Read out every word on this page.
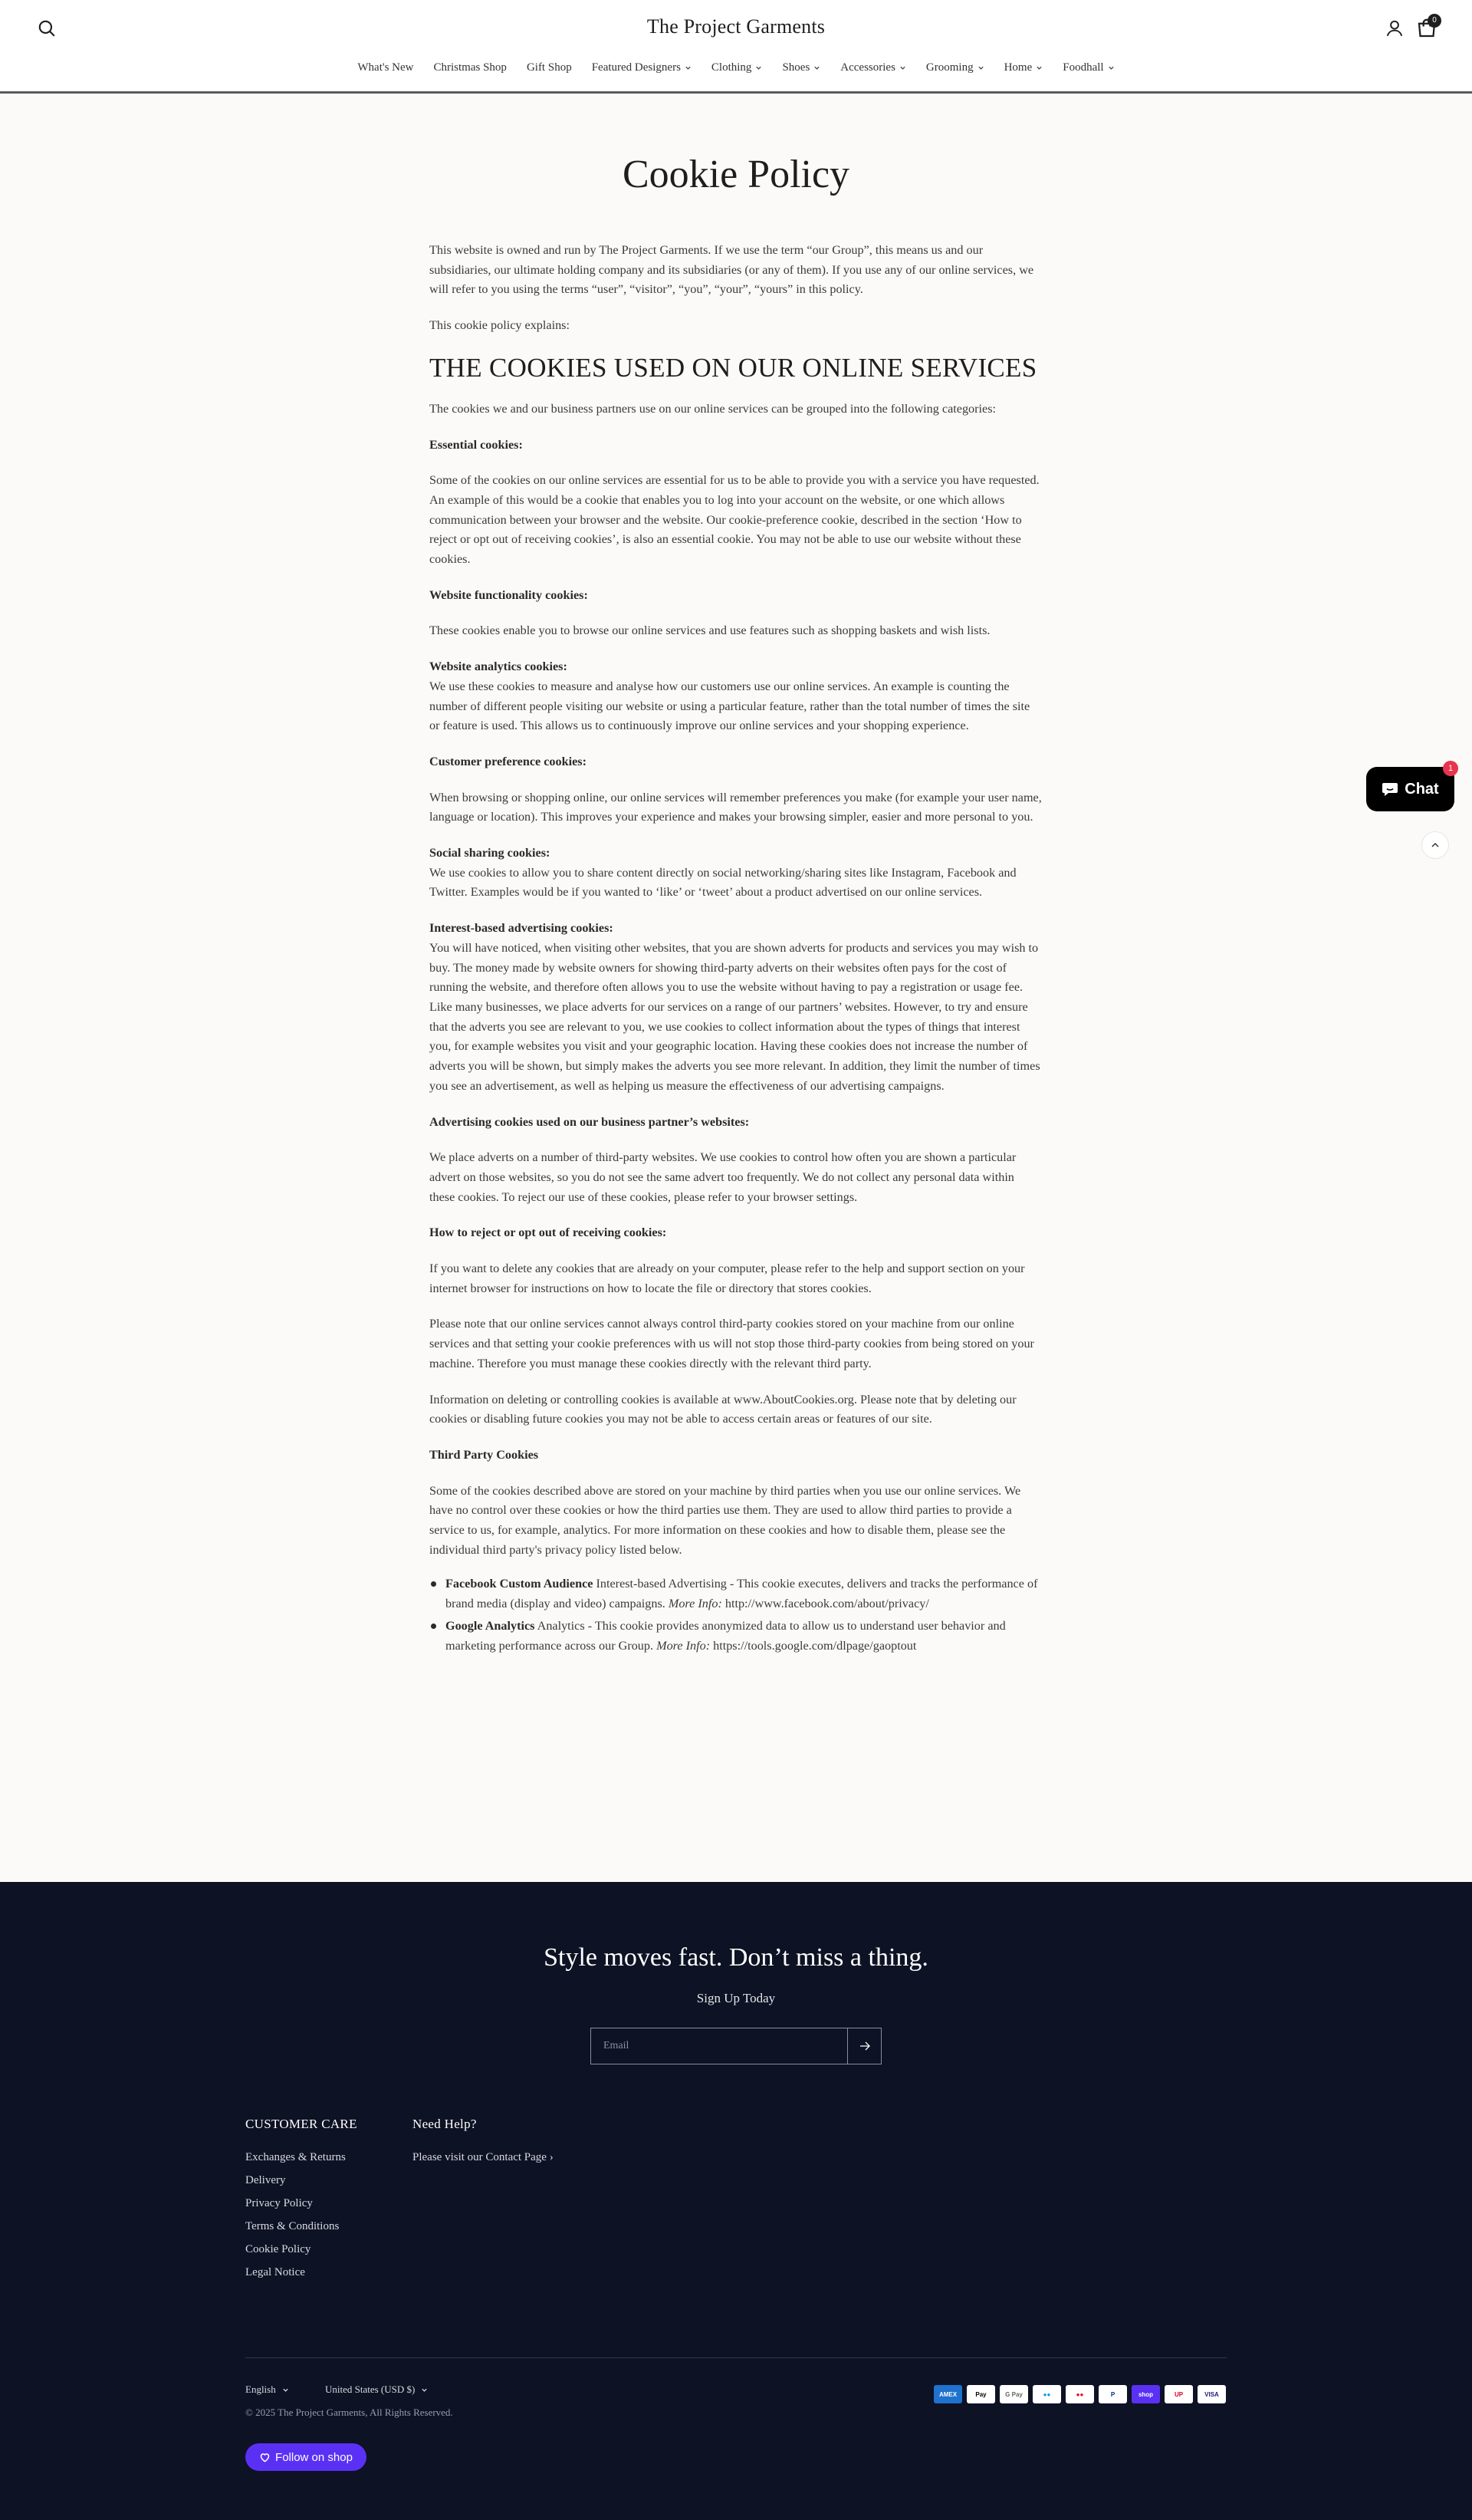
The Project Garments	0
What's New Christmas Shop Gift Shop Featured Designers	Clothing	Shoes	Accessories	Grooming	Home	Foodhall
Cookie Policy

This website is owned and run by The Project Garments. If we use the term “our Group”, this means us and our subsidiaries, our ultimate holding company and its subsidiaries (or any of them). If you use any of our online services, we will refer to you using the terms “user”, “visitor”, “you”, “your”, “yours” in this policy.

This cookie policy explains:

THE COOKIES USED ON OUR ONLINE SERVICES

The cookies we and our business partners use on our online services can be grouped into the following categories:

Essential cookies:

Some of the cookies on our online services are essential for us to be able to provide you with a service you have requested. An example of this would be a cookie that enables you to log into your account on the website, or one which allows communication between your browser and the website. Our cookie-preference cookie, described in the section ‘How to reject or opt out of receiving cookies’, is also an essential cookie. You may not be able to use our website without these cookies.

Website functionality cookies:

These cookies enable you to browse our online services and use features such as shopping baskets and wish lists.

Website analytics cookies:
We use these cookies to measure and analyse how our customers use our online services. An example is counting the number of different people visiting our website or using a particular feature, rather than the total number of times the site or feature is used. This allows us to continuously improve our online services and your shopping experience.

Customer preference cookies:

When browsing or shopping online, our online services will remember preferences you make (for example your user name, language or location). This improves your experience and makes your browsing simpler, easier and more personal to you.

Social sharing cookies:
We use cookies to allow you to share content directly on social networking/sharing sites like Instagram, Facebook and Twitter. Examples would be if you wanted to ‘like’ or ‘tweet’ about a product advertised on our online services.
Interest-based advertising cookies:
You will have noticed, when visiting other websites, that you are shown adverts for products and services you may wish to buy. The money made by website owners for showing third-party adverts on their websites often pays for the cost of running the website, and therefore often allows you to use the website without having to pay a registration or usage fee. Like many businesses, we place adverts for our services on a range of our partners’ websites. However, to try and ensure that the adverts you see are relevant to you, we use cookies to collect information about the types of things that interest you, for example websites you visit and your geographic location. Having these cookies does not increase the number of adverts you will be shown, but simply makes the adverts you see more relevant. In addition, they limit the number of times you see an advertisement, as well as helping us measure the effectiveness of our advertising campaigns.

Advertising cookies used on our business partner’s websites:

We place adverts on a number of third-party websites. We use cookies to control how often you are shown a particular advert on those websites, so you do not see the same advert too frequently. We do not collect any personal data within these cookies. To reject our use of these cookies, please refer to your browser settings.

How to reject or opt out of receiving cookies:

If you want to delete any cookies that are already on your computer, please refer to the help and support section on your internet browser for instructions on how to locate the file or directory that stores cookies.

Please note that our online services cannot always control third-party cookies stored on your machine from our online services and that setting your cookie preferences with us will not stop those third-party cookies from being stored on your machine. Therefore you must manage these cookies directly with the relevant third party.

Information on deleting or controlling cookies is available at www.AboutCookies.org. Please note that by deleting our cookies or disabling future cookies you may not be able to access certain areas or features of our site.

Third Party Cookies

Some of the cookies described above are stored on your machine by third parties when you use our online services. We have no control over these cookies or how the third parties use them. They are used to allow third parties to provide a service to us, for example, analytics. For more information on these cookies and how to disable them, please see the individual third party's privacy policy listed below.

Facebook Custom Audience Interest-based Advertising - This cookie executes, delivers and tracks the performance of brand media (display and video) campaigns. More Info: http://www.facebook.com/about/privacy/
Google Analytics Analytics - This cookie provides anonymized data to allow us to understand user behavior and marketing performance across our Group. More Info: https://tools.google.com/dlpage/gaoptout
Chat
1
Style moves fast. Don’t miss a thing.
Sign Up Today
Email
CUSTOMER CARE
Exchanges & Returns
Delivery
Privacy Policy
Terms & Conditions
Cookie Policy
Legal Notice
Need Help?
Please visit our Contact Page ›
English	United States (USD $)
© 2025 The Project Garments, All Rights Reserved.
Follow on shop
AMEX	Pay	G Pay	●●	●●	P	shop	UP	VISA
